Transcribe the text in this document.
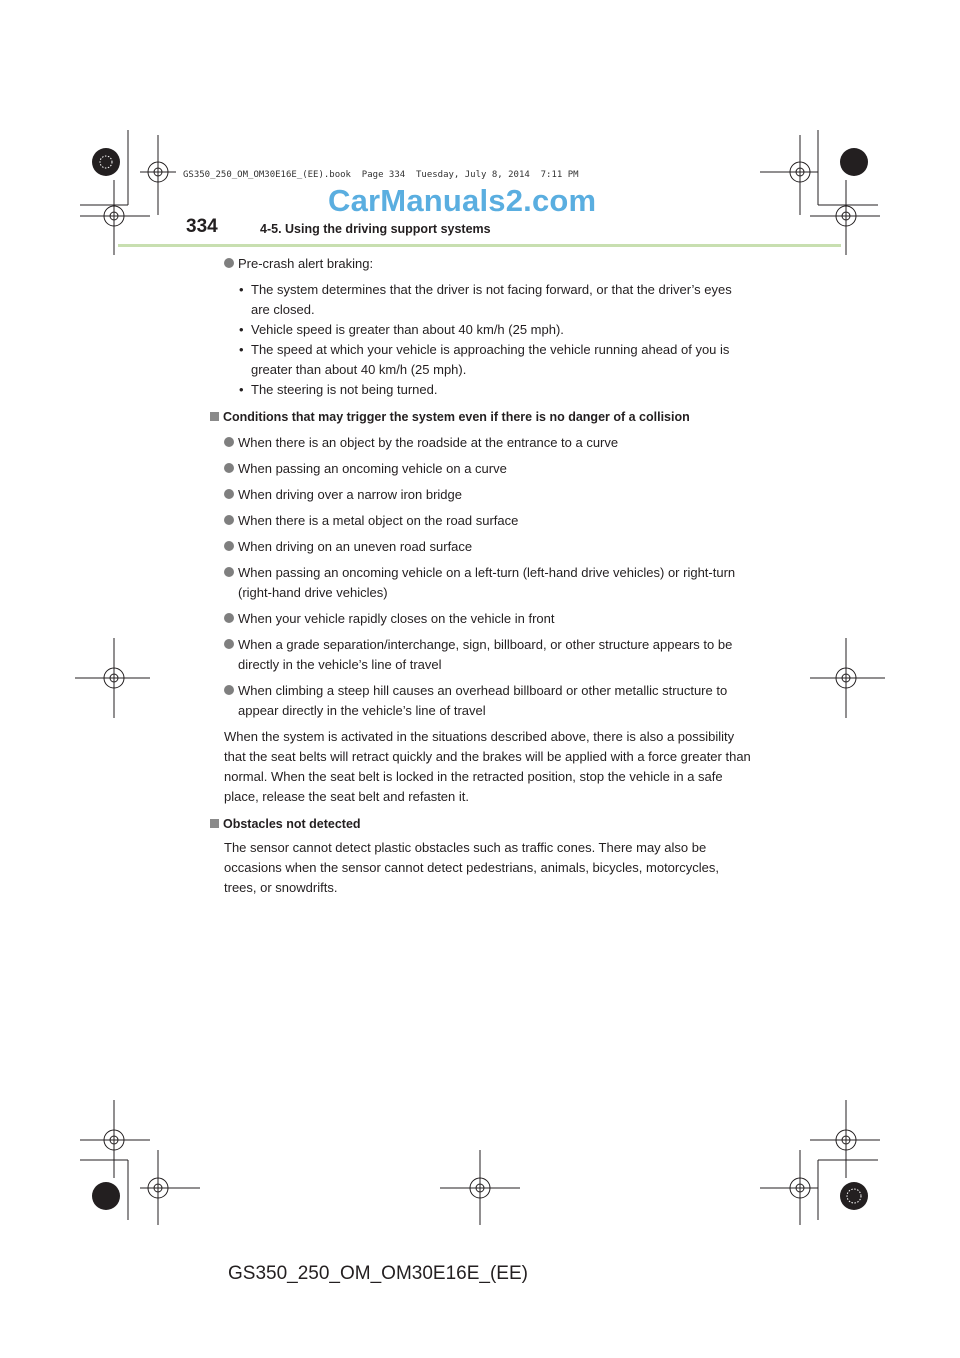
GS350_250_OM_OM30E16E_(EE).book  Page 334  Tuesday, July 8, 2014  7:11 PM
CarManuals2.com
334	4-5. Using the driving support systems
Pre-crash alert braking:
• The system determines that the driver is not facing forward, or that the driver’s eyes are closed.
• Vehicle speed is greater than about 40 km/h (25 mph).
• The speed at which your vehicle is approaching the vehicle running ahead of you is greater than about 40 km/h (25 mph).
• The steering is not being turned.
Conditions that may trigger the system even if there is no danger of a collision
When there is an object by the roadside at the entrance to a curve
When passing an oncoming vehicle on a curve
When driving over a narrow iron bridge
When there is a metal object on the road surface
When driving on an uneven road surface
When passing an oncoming vehicle on a left-turn (left-hand drive vehicles) or right-turn (right-hand drive vehicles)
When your vehicle rapidly closes on the vehicle in front
When a grade separation/interchange, sign, billboard, or other structure appears to be directly in the vehicle’s line of travel
When climbing a steep hill causes an overhead billboard or other metallic structure to appear directly in the vehicle’s line of travel
When the system is activated in the situations described above, there is also a possibility that the seat belts will retract quickly and the brakes will be applied with a force greater than normal. When the seat belt is locked in the retracted position, stop the vehicle in a safe place, release the seat belt and refasten it.
Obstacles not detected
The sensor cannot detect plastic obstacles such as traffic cones. There may also be occasions when the sensor cannot detect pedestrians, animals, bicycles, motorcycles, trees, or snowdrifts.
GS350_250_OM_OM30E16E_(EE)
